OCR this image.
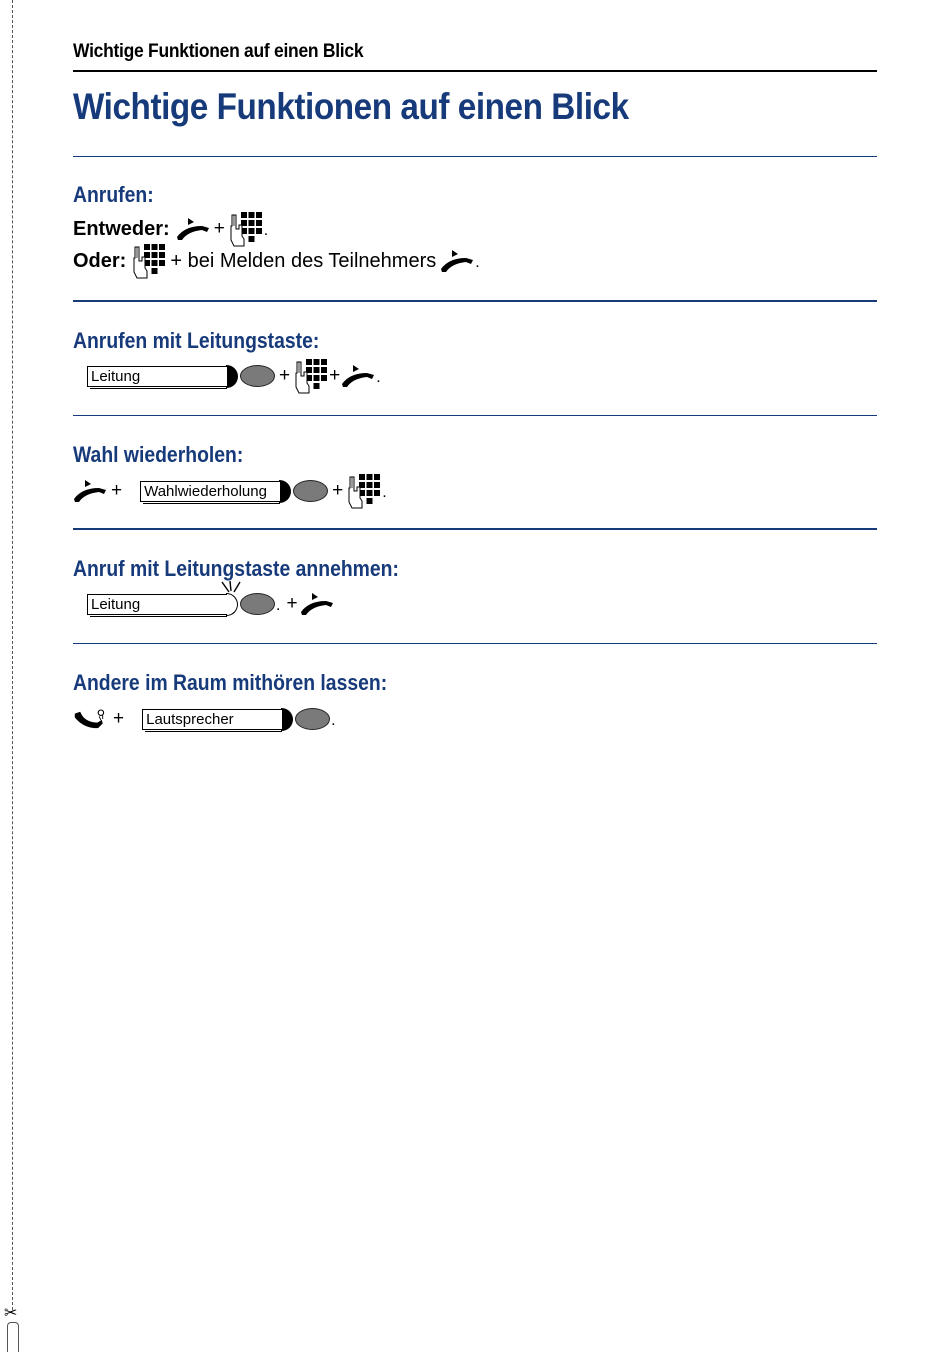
✂
Wichtige Funktionen auf einen Blick
Wichtige Funktionen auf einen Blick
Anrufen:
Entweder: + .
Oder: + bei Melden des Teilnehmers .
Anrufen mit Leitungstaste:
Leitung	+ + .
Wahl wiederholen:
+ Wahlwiederholung	+ .
Anruf mit Leitungstaste annehmen:
Leitung	. +
Andere im Raum mithören lassen:
+ Lautsprecher	.
